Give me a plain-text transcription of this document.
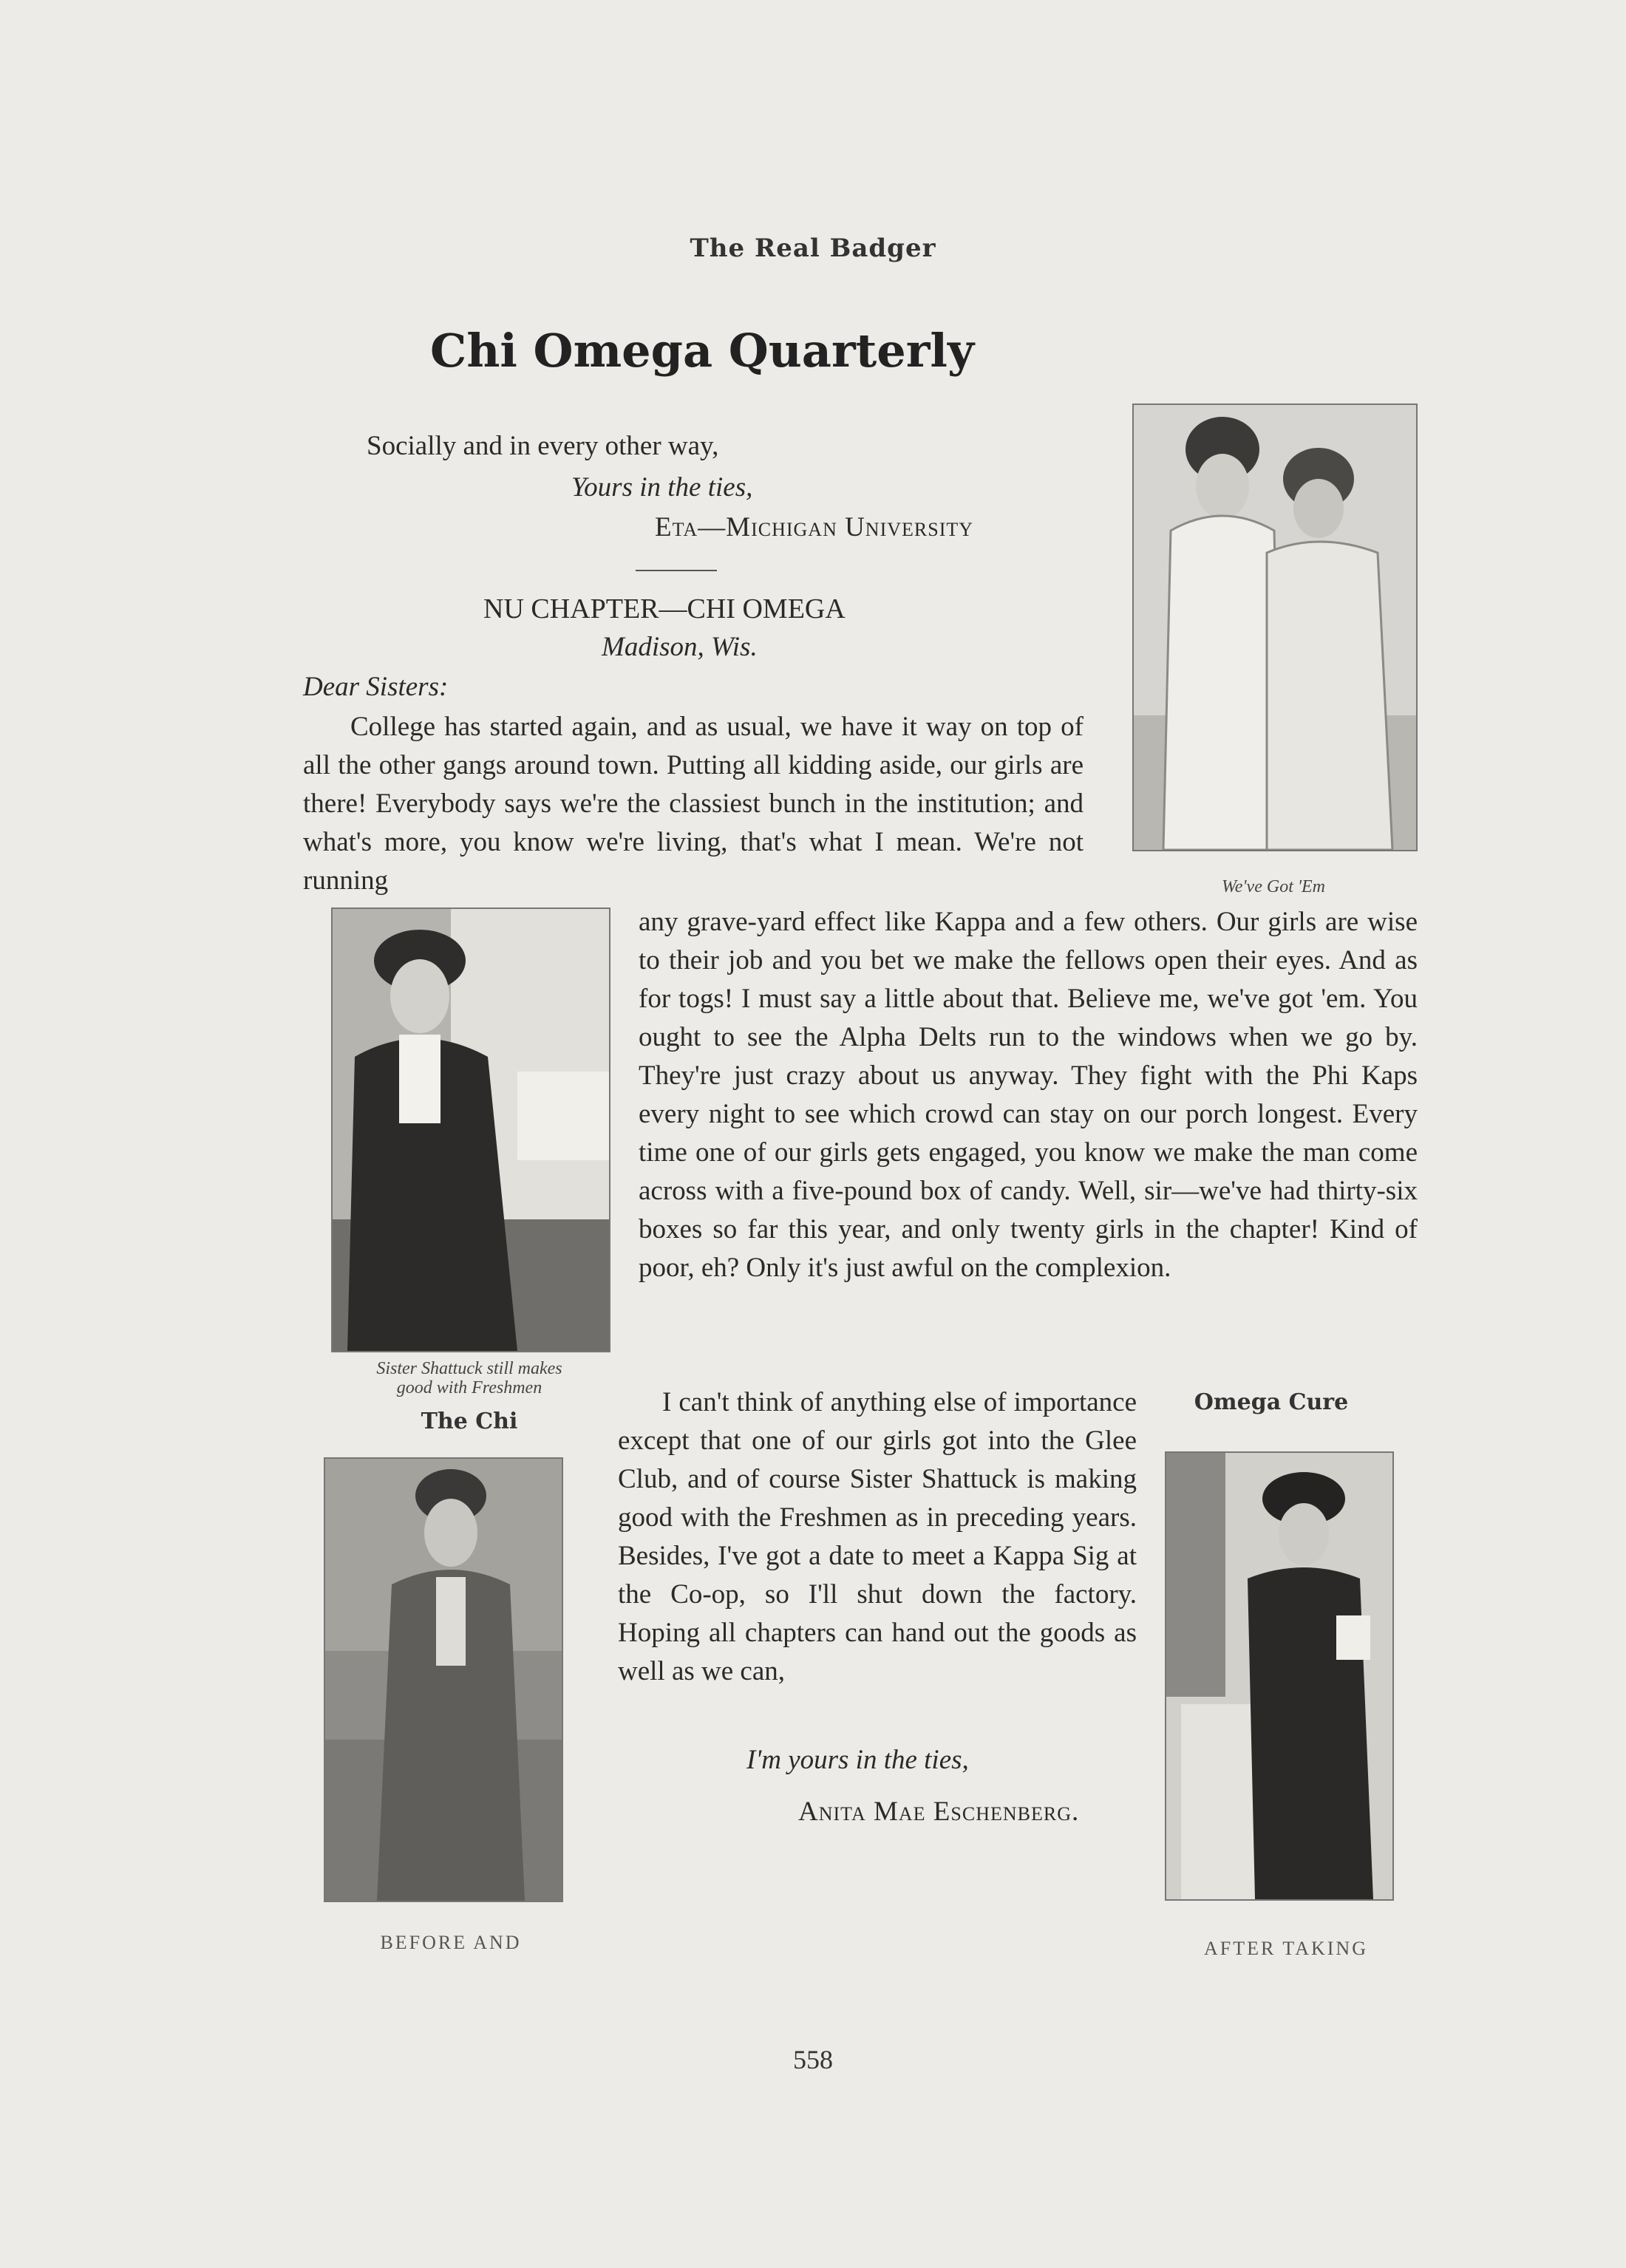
The Real Badger
Chi Omega Quarterly
Socially and in every other way,
Yours in the ties,
Eta—Michigan University
NU CHAPTER—CHI OMEGA
Madison, Wis.
Dear Sisters:

College has started again, and as usual, we have it way on top of all the other gangs around town. Putting all kidding aside, our girls are there! Everybody says we're the classiest bunch in the institution; and what's more, you know we're living, that's what I mean. We're not running

any grave-yard effect like Kappa and a few others. Our girls are wise to their job and you bet we make the fellows open their eyes. And as for togs! I must say a little about that. Believe me, we've got 'em. You ought to see the Alpha Delts run to the windows when we go by. They're just crazy about us anyway. They fight with the Phi Kaps every night to see which crowd can stay on our porch longest. Every time one of our girls gets engaged, you know we make the man come across with a five-pound box of candy. Well, sir—we've had thirty-six boxes so far this year, and only twenty girls in the chapter! Kind of poor, eh? Only it's just awful on the complexion.

I can't think of anything else of importance except that one of our girls got into the Glee Club, and of course Sister Shattuck is making good with the Freshmen as in preceding years. Besides, I've got a date to meet a Kappa Sig at the Co-op, so I'll shut down the factory. Hoping all chapters can hand out the goods as well as we can,

I'm yours in the ties,
Anita Mae Eschenberg.
We've Got 'Em
Sister Shattuck still makes
good with Freshmen
The Chi
Omega Cure
BEFORE AND	AFTER TAKING
558
